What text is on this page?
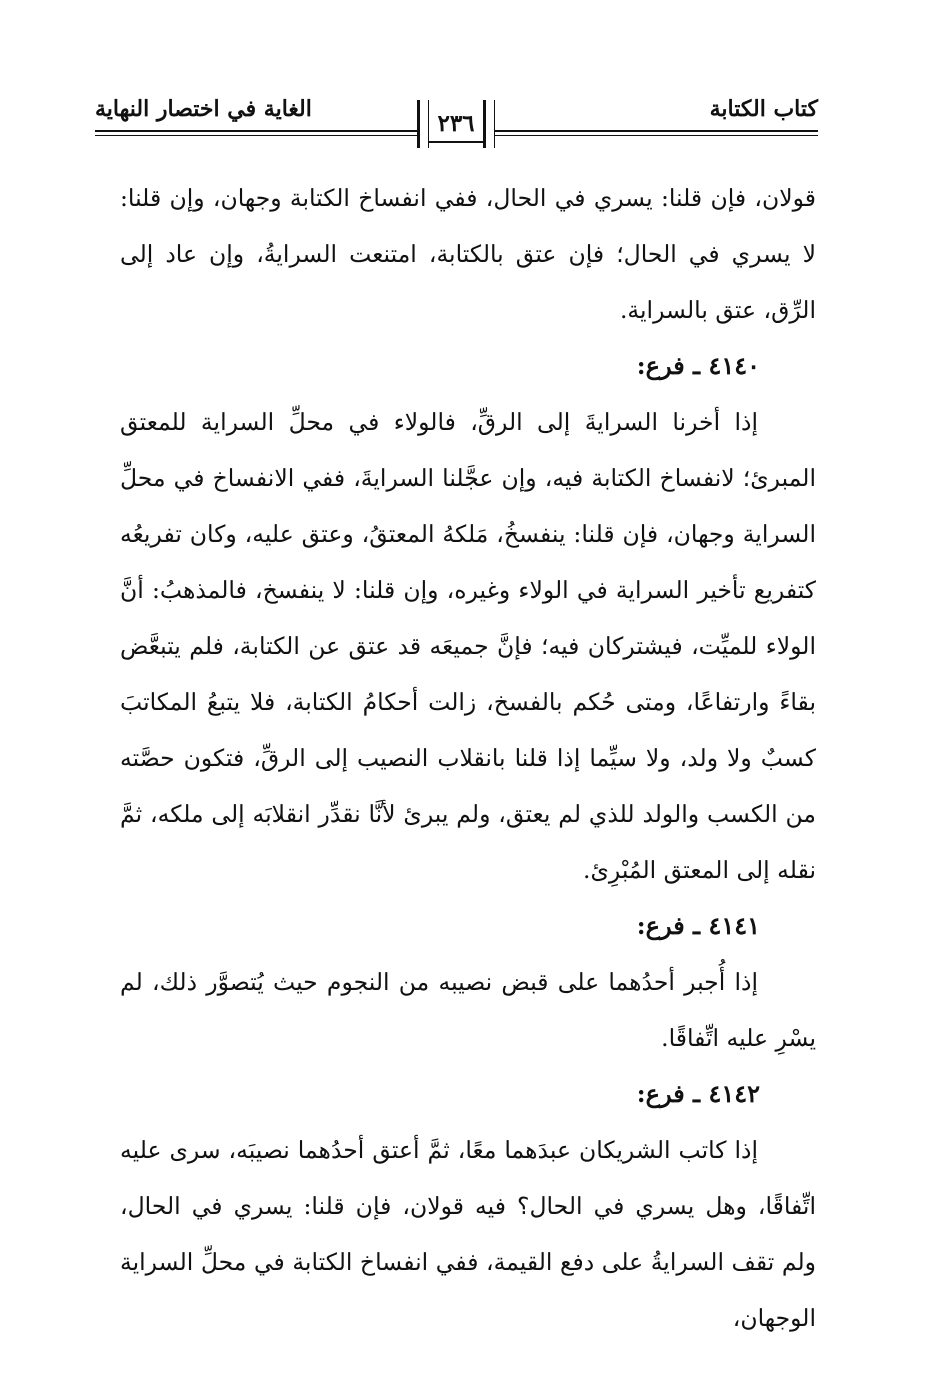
كتاب الكتابة
الغاية في اختصار النهاية
٢٣٦

قولان، فإن قلنا: يسري في الحال، ففي انفساخ الكتابة وجهان، وإن قلنا: لا يسري في الحال؛ فإن عتق بالكتابة، امتنعت السرايةُ، وإن عاد إلى الرِّق، عتق بالسراية.

٤١٤٠ ـ فرع:

إذا أخرنا السرايةَ إلى الرقِّ، فالولاء في محلِّ السراية للمعتق المبرئ؛ لانفساخ الكتابة فيه، وإن عجَّلنا السرايةَ، ففي الانفساخ في محلِّ السراية وجهان، فإن قلنا: ينفسخُ، مَلكهُ المعتقُ، وعتق عليه، وكان تفريعُه كتفريع تأخير السراية في الولاء وغيره، وإن قلنا: لا ينفسخ، فالمذهبُ: أنَّ الولاء للميِّت، فيشتركان فيه؛ فإنَّ جميعَه قد عتق عن الكتابة، فلم يتبعَّض بقاءً وارتفاعًا، ومتى حُكم بالفسخ، زالت أحكامُ الكتابة، فلا يتبعُ المكاتبَ كسبٌ ولا ولد، ولا سيِّما إذا قلنا بانقلاب النصيب إلى الرقِّ، فتكون حصَّته من الكسب والولد للذي لم يعتق، ولم يبرئ لأنَّا نقدِّر انقلابَه إلى ملكه، ثمَّ نقله إلى المعتق المُبْرِئ.

٤١٤١ ـ فرع:

إذا أُجبر أحدُهما على قبض نصيبه من النجوم حيث يُتصوَّر ذلك، لم يسْرِ عليه اتِّفاقًا.

٤١٤٢ ـ فرع:

إذا كاتب الشريكان عبدَهما معًا، ثمَّ أعتق أحدُهما نصيبَه، سرى عليه اتِّفاقًا، وهل يسري في الحال؟ فيه قولان، فإن قلنا: يسري في الحال، ولم تقف السرايةُ على دفع القيمة، ففي انفساخ الكتابة في محلِّ السراية الوجهان،
